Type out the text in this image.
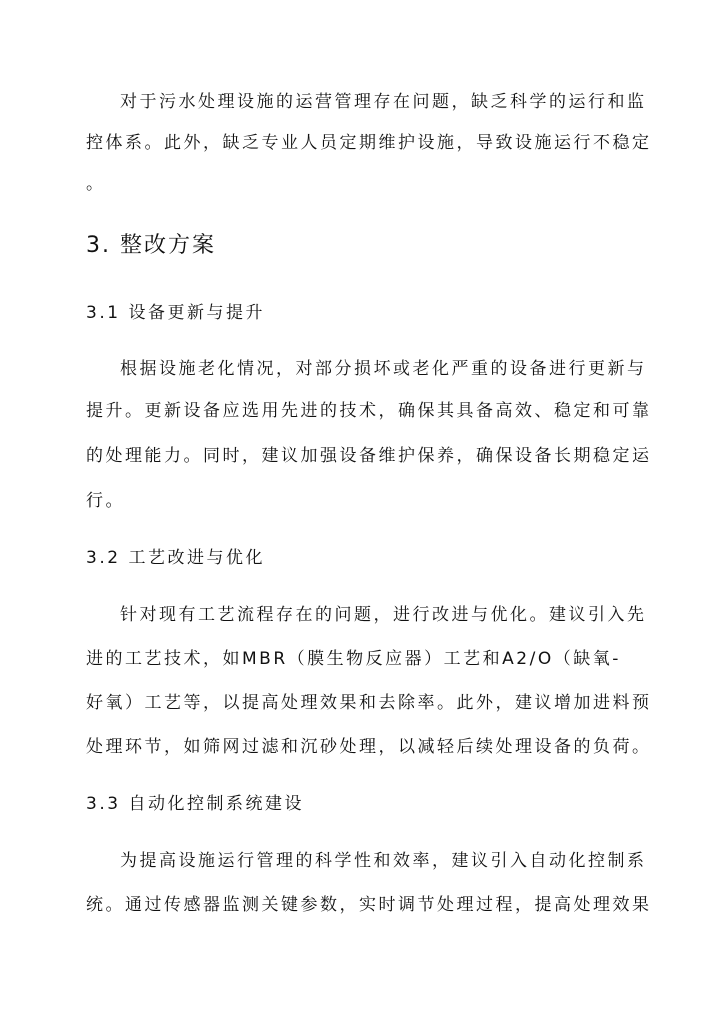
对于污水处理设施的运营管理存在问题，缺乏科学的运行和监
控体系。此外，缺乏专业人员定期维护设施，导致设施运行不稳定
。
3. 整改方案
3.1 设备更新与提升
根据设施老化情况，对部分损坏或老化严重的设备进行更新与
提升。更新设备应选用先进的技术，确保其具备高效、稳定和可靠
的处理能力。同时，建议加强设备维护保养，确保设备长期稳定运
行。
3.2 工艺改进与优化
针对现有工艺流程存在的问题，进行改进与优化。建议引入先
进的工艺技术，如MBR（膜生物反应器）工艺和A2/O（缺氧-
好氧）工艺等，以提高处理效果和去除率。此外，建议增加进料预
处理环节，如筛网过滤和沉砂处理，以减轻后续处理设备的负荷。
3.3 自动化控制系统建设
为提高设施运行管理的科学性和效率，建议引入自动化控制系
统。通过传感器监测关键参数，实时调节处理过程，提高处理效果
